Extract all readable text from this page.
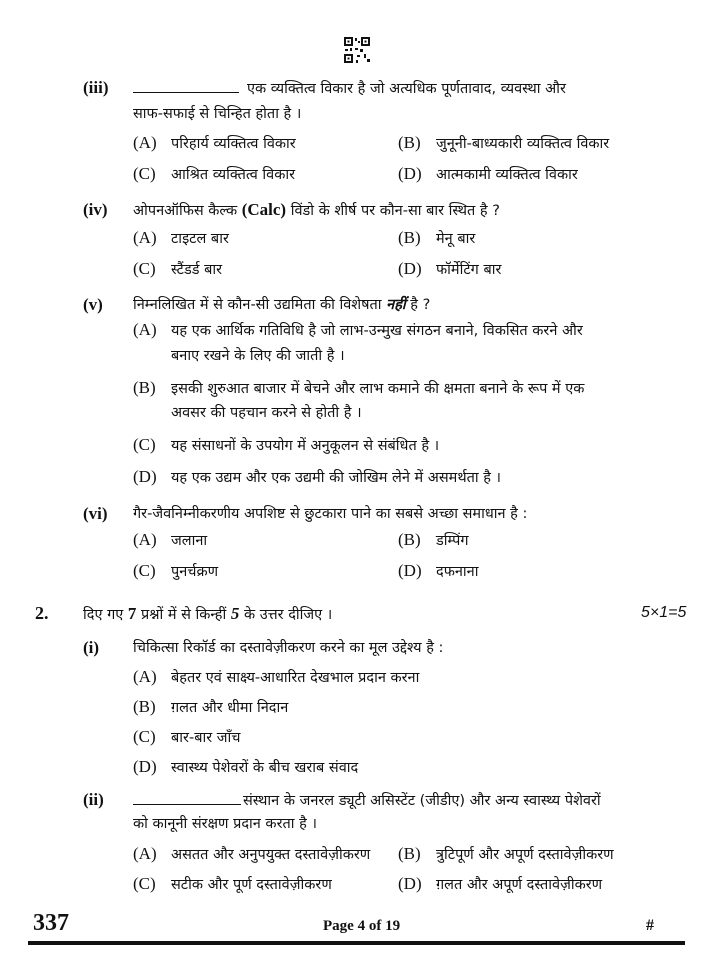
(iii)	एक व्यक्तित्व विकार है जो अत्यधिक पूर्णतावाद, व्यवस्था और
साफ-सफाई से चिन्हित होता है ।
(A) परिहार्य व्यक्तित्व विकार	(B) जुनूनी-बाध्यकारी व्यक्तित्व विकार
(C) आश्रित व्यक्तित्व विकार	(D) आत्मकामी व्यक्तित्व विकार
(iv) ओपनऑफिस कैल्क (Calc) विंडो के शीर्ष पर कौन-सा बार स्थित है ?
(A) टाइटल बार	(B) मेनू बार
(C) स्टैंडर्ड बार	(D) फॉर्मेटिंग बार
(v) निम्नलिखित में से कौन-सी उद्यमिता की विशेषता नहीं है ?
(A) यह एक आर्थिक गतिविधि है जो लाभ-उन्मुख संगठन बनाने, विकसित करने और
बनाए रखने के लिए की जाती है ।
(B) इसकी शुरुआत बाजार में बेचने और लाभ कमाने की क्षमता बनाने के रूप में एक
अवसर की पहचान करने से होती है ।
(C) यह संसाधनों के उपयोग में अनुकूलन से संबंधित है ।
(D) यह एक उद्यम और एक उद्यमी की जोखिम लेने में असमर्थता है ।
(vi) गैर-जैवनिम्नीकरणीय अपशिष्ट से छुटकारा पाने का सबसे अच्छा समाधान है :
(A) जलाना	(B) डम्पिंग
(C) पुनर्चक्रण	(D) दफनाना
2. दिए गए 7 प्रश्नों में से किन्हीं 5 के उत्तर दीजिए ।	5×1=5
(i) चिकित्सा रिकॉर्ड का दस्तावेज़ीकरण करने का मूल उद्देश्य है :
(A) बेहतर एवं साक्ष्य-आधारित देखभाल प्रदान करना
(B) ग़लत और धीमा निदान
(C) बार-बार जाँच
(D) स्वास्थ्य पेशेवरों के बीच खराब संवाद
(ii)	संस्थान के जनरल ड्यूटी असिस्टेंट (जीडीए) और अन्य स्वास्थ्य पेशेवरों
को कानूनी संरक्षण प्रदान करता है ।
(A) असतत और अनुपयुक्त दस्तावेज़ीकरण (B) त्रुटिपूर्ण और अपूर्ण दस्तावेज़ीकरण
(C) सटीक और पूर्ण दस्तावेज़ीकरण	(D) ग़लत और अपूर्ण दस्तावेज़ीकरण
337	Page 4 of 19	#
